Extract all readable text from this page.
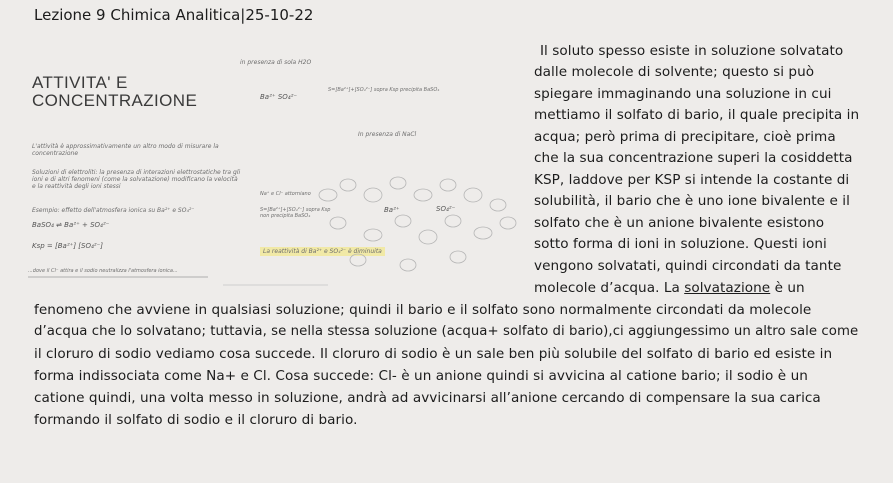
Lezione 9 Chimica Analitica|25-10-22
ATTIVITA' E
CONCENTRAZIONE
in presenza di sola H2O
Ba²⁺ SO₄²⁻
S=[Ba²⁺]+[SO₄²⁻] sopra Ksp precipita BaSO₄
L'attività è approssimativamente un altro modo di misurare la concentrazione
In presenza di NaCl
Soluzioni di elettroliti: la presenza di interazioni elettrostatiche tra gli ioni e di altri fenomeni (come la solvatazione) modificano la velocità e la reattività degli ioni stessi
Esempio: effetto dell'atmosfera ionica su Ba²⁺ e SO₄²⁻
BaSO₄ ⇌ Ba²⁺ + SO₄²⁻
Ksp = [Ba²⁺] [SO₄²⁻]
...dove il Cl⁻ attira e il sodio neutralizza l'atmosfera ionica...
Na⁺ e Cl⁻ attorniano
S=[Ba²⁺]+[SO₄²⁻] sopra Ksp non precipita BaSO₄
La reattività di Ba²⁺ e SO₄²⁻ è diminuita
Ba²⁺	SO₄²⁻
Il soluto spesso esiste in soluzione solvatato
dalle molecole di solvente; questo si può
spiegare immaginando una soluzione in cui
mettiamo il solfato di bario, il quale precipita in
acqua; però prima di precipitare, cioè prima
che la sua concentrazione superi la cosiddetta
KSP, laddove per KSP si intende la costante di
solubilità, il bario che è uno ione bivalente e il
solfato che è un anione bivalente esistono
sotto forma di ioni in soluzione. Questi ioni
vengono solvatati, quindi circondati da tante
molecole d’acqua. La solvatazione è un
fenomeno che avviene in qualsiasi soluzione; quindi il bario e il solfato sono normalmente circondati da molecole
d’acqua che lo solvatano; tuttavia, se nella stessa soluzione (acqua+ solfato di bario),ci aggiungessimo un altro sale come
il cloruro di sodio vediamo cosa succede. Il cloruro di sodio è un sale ben più solubile del solfato di bario ed esiste in
forma indissociata come Na+ e Cl. Cosa succede: Cl- è un anione quindi si avvicina al catione bario; il sodio è un
catione quindi, una volta messo in soluzione, andrà ad avvicinarsi all’anione cercando di compensare la sua carica
formando il solfato di sodio e il cloruro di bario.
